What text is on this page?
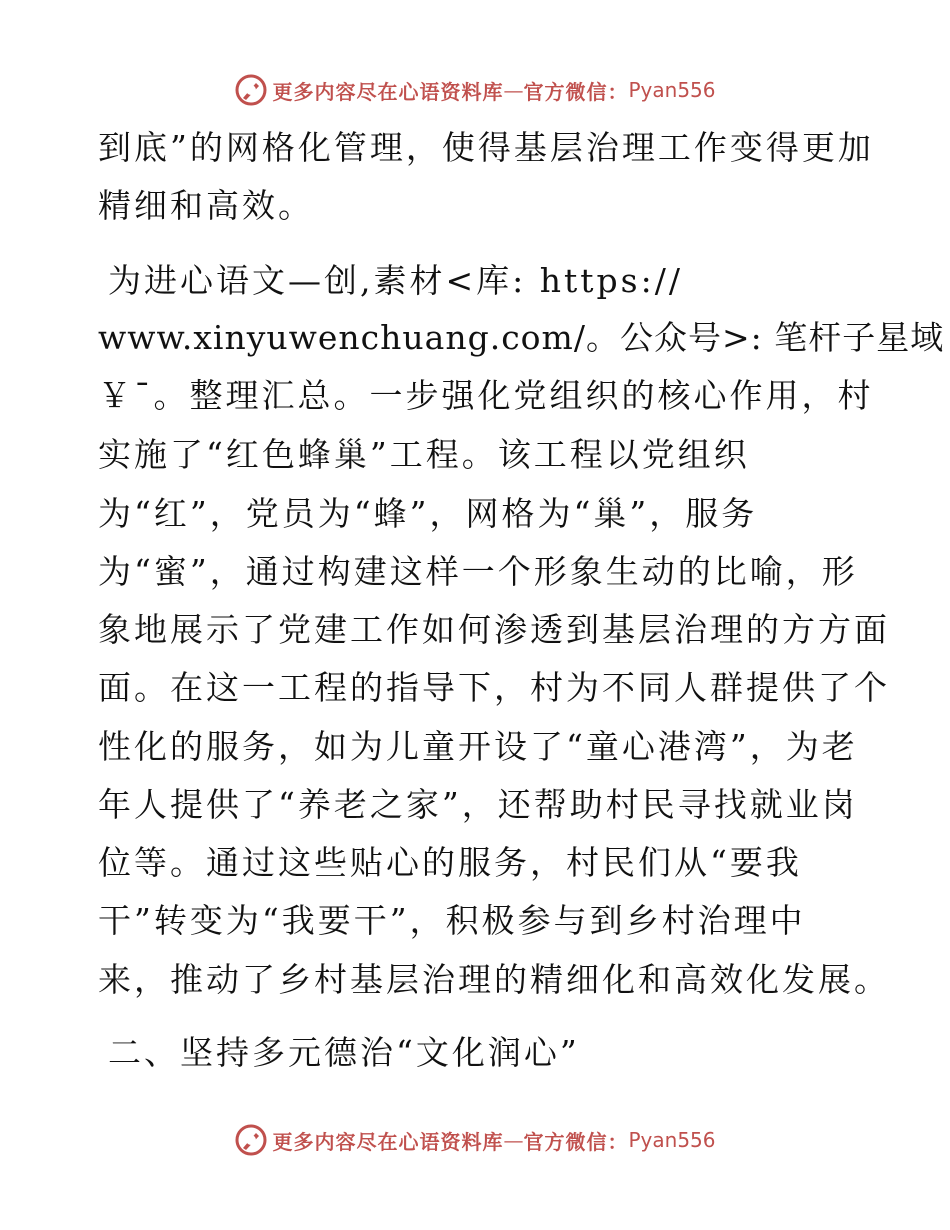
更多内容尽在心语资料库 — 官方微信： Pyan556
到底”的网格化管理，使得基层治理工作变得更加
精细和高效。
为进心语文—创,素材<库: https://
www.xinyuwenchuang.com/。公众号>: 笔杆子星域
￥¯。整理汇总。一步强化党组织的核心作用，村
实施了“红色蜂巢”工程。该工程以党组织
为“红”，党员为“蜂”，网格为“巢”，服务
为“蜜”，通过构建这样一个形象生动的比喻，形
象地展示了党建工作如何渗透到基层治理的方方面
面。在这一工程的指导下，村为不同人群提供了个
性化的服务，如为儿童开设了“童心港湾”，为老
年人提供了“养老之家”，还帮助村民寻找就业岗
位等。通过这些贴心的服务，村民们从“要我
干”转变为“我要干”，积极参与到乡村治理中
来，推动了乡村基层治理的精细化和高效化发展。
二、坚持多元德治“文化润心”
更多内容尽在心语资料库 — 官方微信： Pyan556
